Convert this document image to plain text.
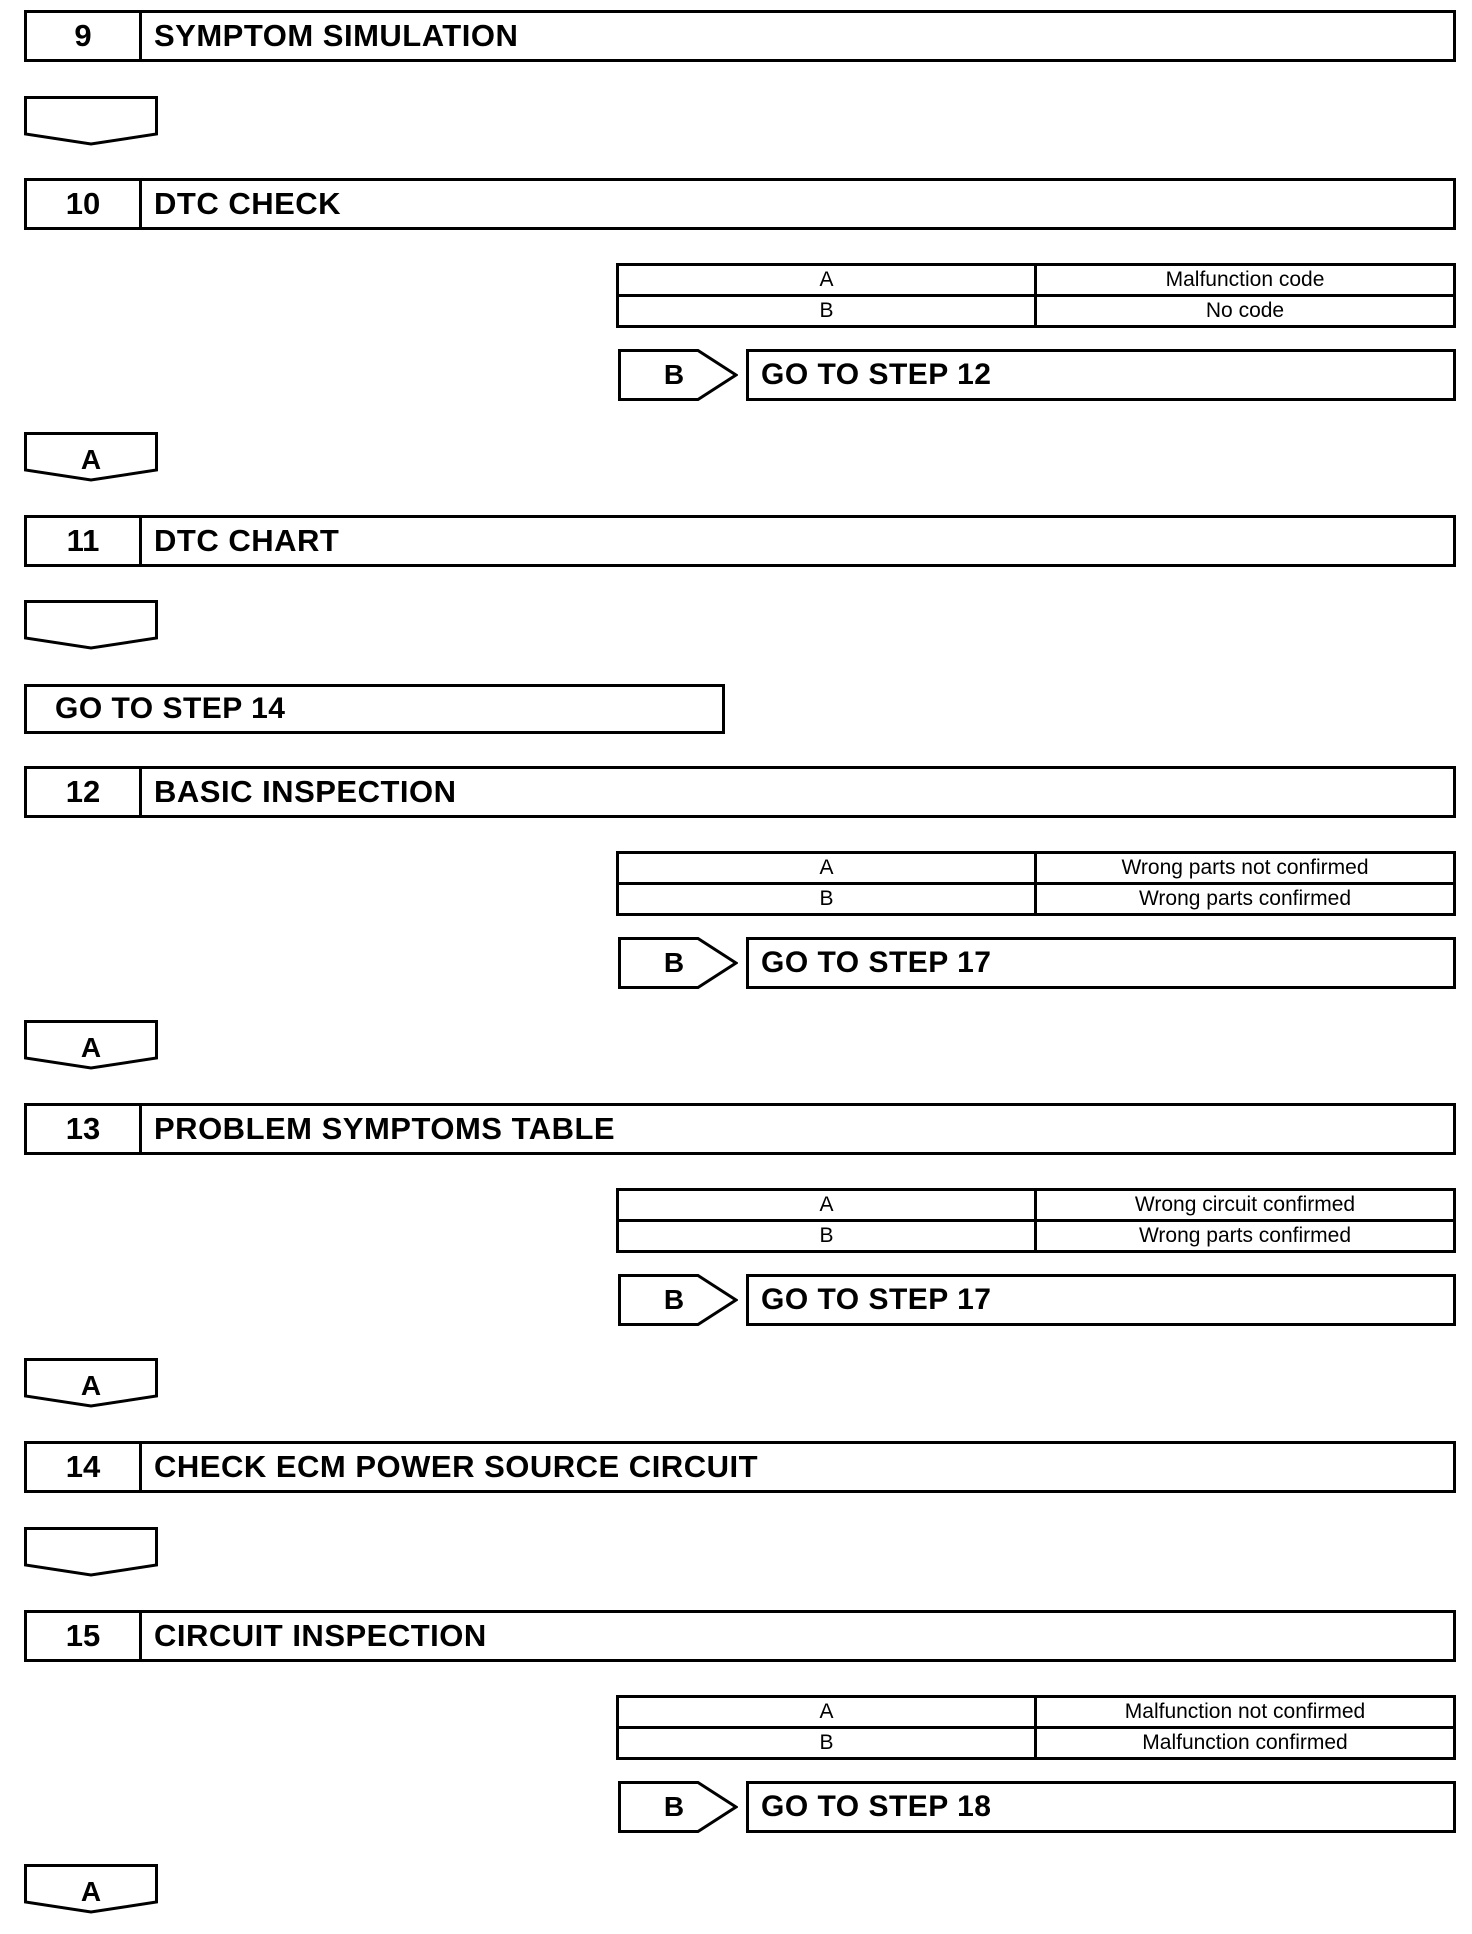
9	SYMPTOM SIMULATION
10	DTC CHECK
A	Malfunction code
B	No code
B	GO TO STEP 12
A
11	DTC CHART
GO TO STEP 14
12	BASIC INSPECTION
A	Wrong parts not confirmed
B	Wrong parts confirmed
B	GO TO STEP 17
A
13	PROBLEM SYMPTOMS TABLE
A	Wrong circuit confirmed
B	Wrong parts confirmed
B	GO TO STEP 17
A
14	CHECK ECM POWER SOURCE CIRCUIT
15	CIRCUIT INSPECTION
A	Malfunction not confirmed
B	Malfunction confirmed
B	GO TO STEP 18
A
